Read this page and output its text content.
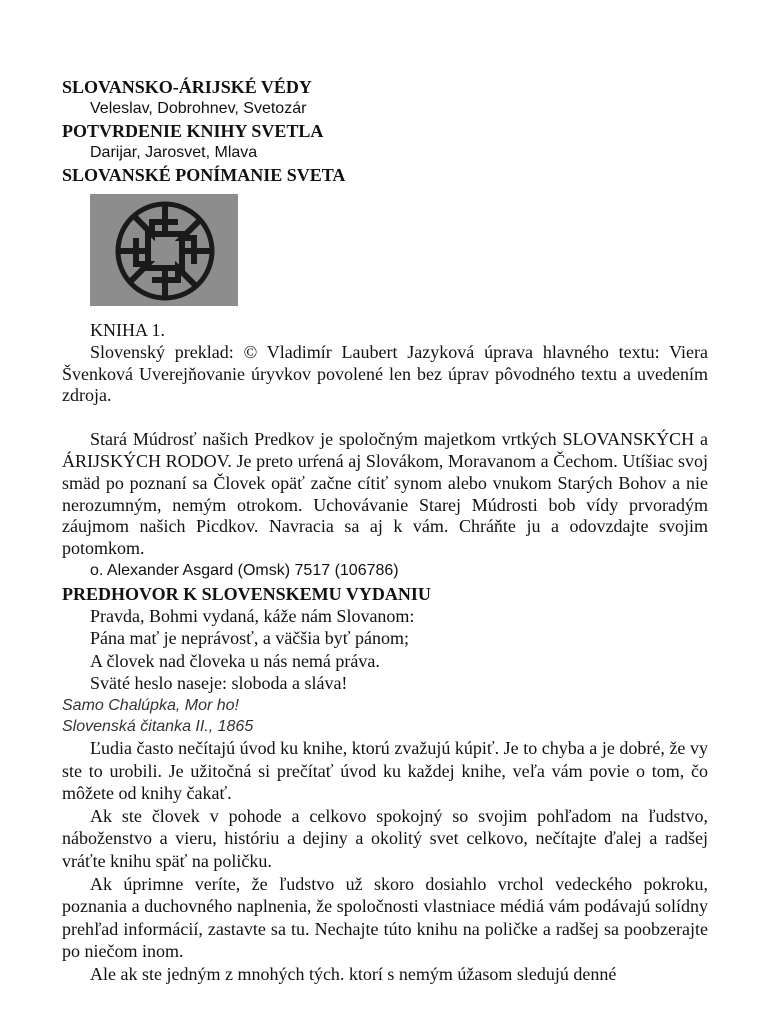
SLOVANSKO-ÁRIJSKÉ VÉDY

Veleslav, Dobrohnev, Svetozár

POTVRDENIE KNIHY SVETLA

Darijar, Jarosvet, Mlava

SLOVANSKÉ PONÍMANIE SVETA

KNIHA 1.

Slovenský preklad: © Vladimír Laubert Jazyková úprava hlavného textu: Viera Švenková Uverejňovanie úryvkov povolené len bez úprav pôvodného textu a uvedením zdroja.

Stará Múdrosť našich Predkov je spoločným majetkom vrtkých SLOVANSKÝCH a ÁRIJSKÝCH RODOV. Je preto urŕená aj Slovákom, Moravanom a Čechom. Utíšiac svoj smäd po poznaní sa Človek opäť začne cítiť synom alebo vnukom Starých Bohov a nie nerozumným, nemým otrokom. Uchovávanie Starej Múdrosti bob vídy prvoradým záujmom našich Picdkov. Navracia sa aj k vám. Chráňte ju a odovzdajte svojim potomkom.

o. Alexander Asgard (Omsk) 7517 (106786)

PREDHOVOR K SLOVENSKEMU VYDANIU

Pravda, Bohmi vydaná, káže nám Slovanom:

Pána mať je neprávosť, a väčšia byť pánom;

A človek nad človeka u nás nemá práva.

Sväté heslo naseje: sloboda a sláva!

Samo Chalúpka, Mor ho!

Slovenská čitanka II., 1865

Ľudia často nečítajú úvod ku knihe, ktorú zvažujú kúpiť. Je to chyba a je dobré, že vy ste to urobili. Je užitočná si prečítať úvod ku každej knihe, veľa vám povie o tom, čo môžete od knihy čakať.

Ak ste človek v pohode a celkovo spokojný so svojim pohľadom na ľudstvo, náboženstvo a vieru, históriu a dejiny a okolitý svet celkovo, nečítajte ďalej a radšej vráťte knihu späť na poličku.

Ak úprimne veríte, že ľudstvo už skoro dosiahlo vrchol vedeckého pokroku, poznania a duchovného naplnenia, že spoločnosti vlastniace médiá vám podávajú solídny prehľad informácií, zastavte sa tu. Nechajte túto knihu na poličke a radšej sa poobzerajte po niečom inom.

Ale ak ste jedným z mnohých tých. ktorí s nemým úžasom sledujú denné
